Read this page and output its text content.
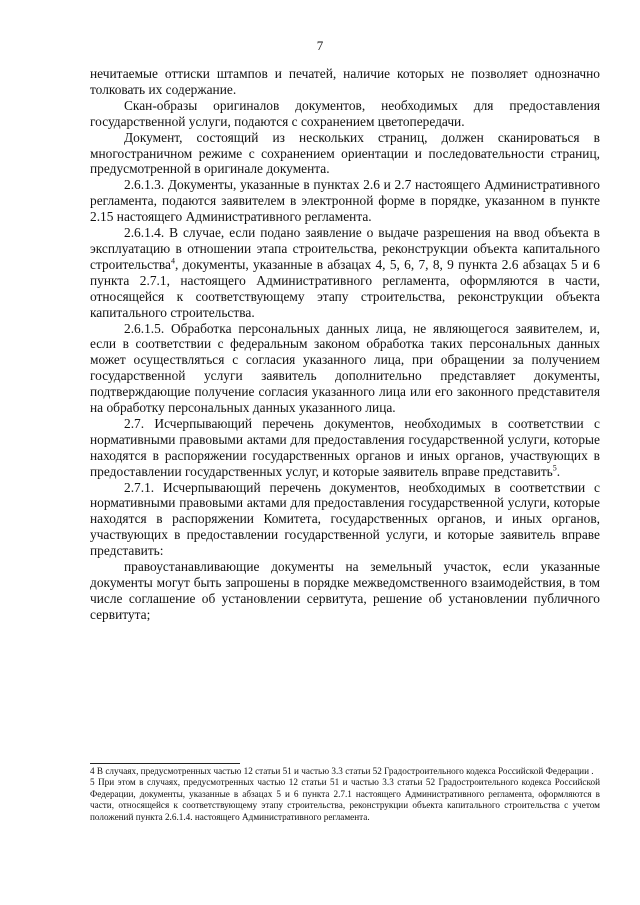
7

нечитаемые оттиски штампов и печатей, наличие которых не позволяет однозначно толковать их содержание.

Скан-образы оригиналов документов, необходимых для предоставления государственной услуги, подаются с сохранением цветопередачи.

Документ, состоящий из нескольких страниц, должен сканироваться в многостраничном режиме с сохранением ориентации и последовательности страниц, предусмотренной в оригинале документа.

2.6.1.3. Документы, указанные в пунктах 2.6 и 2.7 настоящего Административного регламента, подаются заявителем в электронной форме в порядке, указанном в пункте 2.15 настоящего Административного регламента.

2.6.1.4. В случае, если подано заявление о выдаче разрешения на ввод объекта в эксплуатацию в отношении этапа строительства, реконструкции объекта капитального строительства$^4$, документы, указанные в абзацах 4, 5, 6, 7, 8, 9 пункта 2.6 абзацах 5 и 6 пункта 2.7.1, настоящего Административного регламента, оформляются в части, относящейся к соответствующему этапу строительства, реконструкции объекта капитального строительства.

2.6.1.5. Обработка персональных данных лица, не являющегося заявителем, и, если в соответствии с федеральным законом обработка таких персональных данных может осуществляться с согласия указанного лица, при обращении за получением государственной услуги заявитель дополнительно представляет документы, подтверждающие получение согласия указанного лица или его законного представителя на обработку персональных данных указанного лица.

2.7. Исчерпывающий перечень документов, необходимых в соответствии с нормативными правовыми актами для предоставления государственной услуги, которые находятся в распоряжении государственных органов и иных органов, участвующих в предоставлении государственных услуг, и которые заявитель вправе представить$^5$.

2.7.1. Исчерпывающий перечень документов, необходимых в соответствии с нормативными правовыми актами для предоставления государственной услуги, которые находятся в распоряжении Комитета, государственных органов, и иных органов, участвующих в предоставлении государственной услуги, и которые заявитель вправе представить:

правоустанавливающие документы на земельный участок, если указанные документы могут быть запрошены в порядке межведомственного взаимодействия, в том числе соглашение об установлении сервитута, решение об установлении публичного сервитута;

4 В случаях, предусмотренных частью 12 статьи 51 и частью 3.3 статьи 52 Градостроительного кодекса Российской Федерации .

5 При этом в случаях, предусмотренных частью 12 статьи 51 и частью 3.3 статьи 52 Градостроительного кодекса Российской Федерации, документы, указанные в абзацах 5 и 6 пункта 2.7.1 настоящего Административного регламента, оформляются в части, относящейся к соответствующему этапу строительства, реконструкции объекта капитального строительства с учетом положений пункта 2.6.1.4. настоящего Административного регламента.
